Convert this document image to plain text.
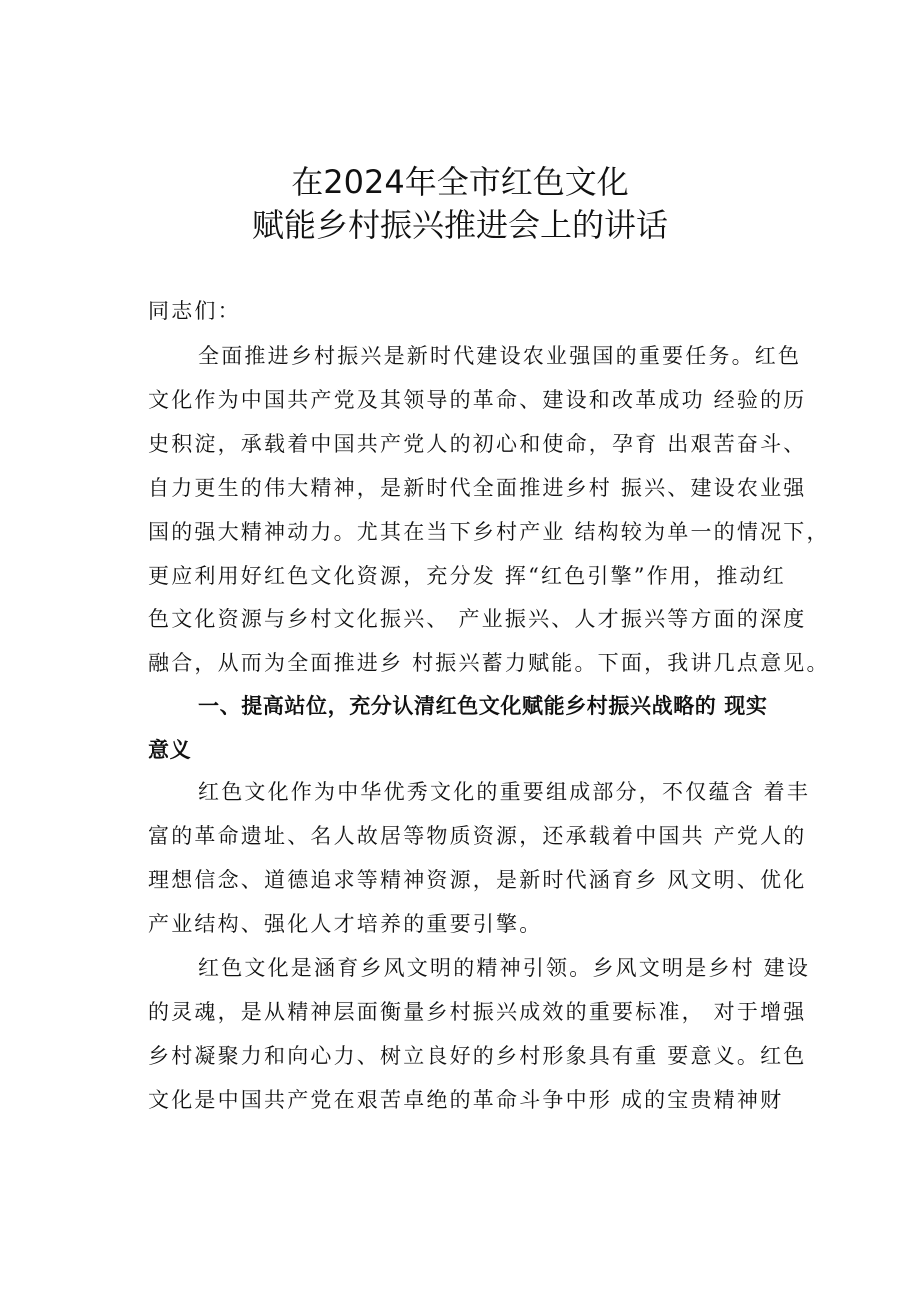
在2024年全市红色文化
赋能乡村振兴推进会上的讲话
同志们：
全面推进乡村振兴是新时代建设农业强国的重要任务。红色
文化作为中国共产党及其领导的革命、建设和改革成功 经验的历
史积淀，承载着中国共产党人的初心和使命，孕育 出艰苦奋斗、
自力更生的伟大精神，是新时代全面推进乡村 振兴、建设农业强
国的强大精神动力。尤其在当下乡村产业 结构较为单一的情况下，
更应利用好红色文化资源，充分发 挥“红色引擎”作用，推动红
色文化资源与乡村文化振兴、 产业振兴、人才振兴等方面的深度
融合，从而为全面推进乡 村振兴蓄力赋能。下面，我讲几点意见。
一、提高站位，充分认清红色文化赋能乡村振兴战略的 现实
意义
红色文化作为中华优秀文化的重要组成部分，不仅蕴含 着丰
富的革命遗址、名人故居等物质资源，还承载着中国共 产党人的
理想信念、道德追求等精神资源，是新时代涵育乡 风文明、优化
产业结构、强化人才培养的重要引擎。
红色文化是涵育乡风文明的精神引领。乡风文明是乡村 建设
的灵魂，是从精神层面衡量乡村振兴成效的重要标准， 对于增强
乡村凝聚力和向心力、树立良好的乡村形象具有重 要意义。红色
文化是中国共产党在艰苦卓绝的革命斗争中形 成的宝贵精神财
